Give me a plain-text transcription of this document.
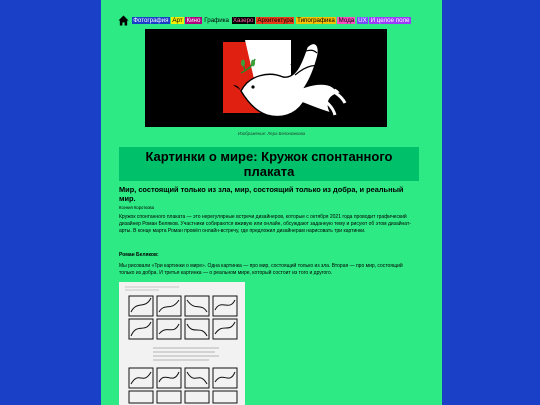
Фотография Арт Кино Графика Хазеро Архитектура Типографика Мода UX И целое поле
Изображение: Лера Белоножкова
Картинки о мире: Кружок спонтанного плаката
Мир, состоящий только из зла, мир, состоящий только из добра, и реальный мир.
Ксения Короткова
Кружок спонтанного плаката — это нерегулярные встречи дизайнеров, которые с октября 2021 года проводит графический дизайнер Роман Беляков. Участники собираются вживую или онлайн, обсуждают заданную тему и рисуют об этом дизайнат-арты. В конце марта Роман провёл онлайн-встречу, где предложил дизайнерам нарисовать три картинки.
Роман Беляков:
Мы рисовали «Три картинки о мире». Одна картинка — про мир, состоящий только из зла. Вторая — про мир, состоящий только из добра. И третья картинка — о реальном мире, который состоит из того и другого.
